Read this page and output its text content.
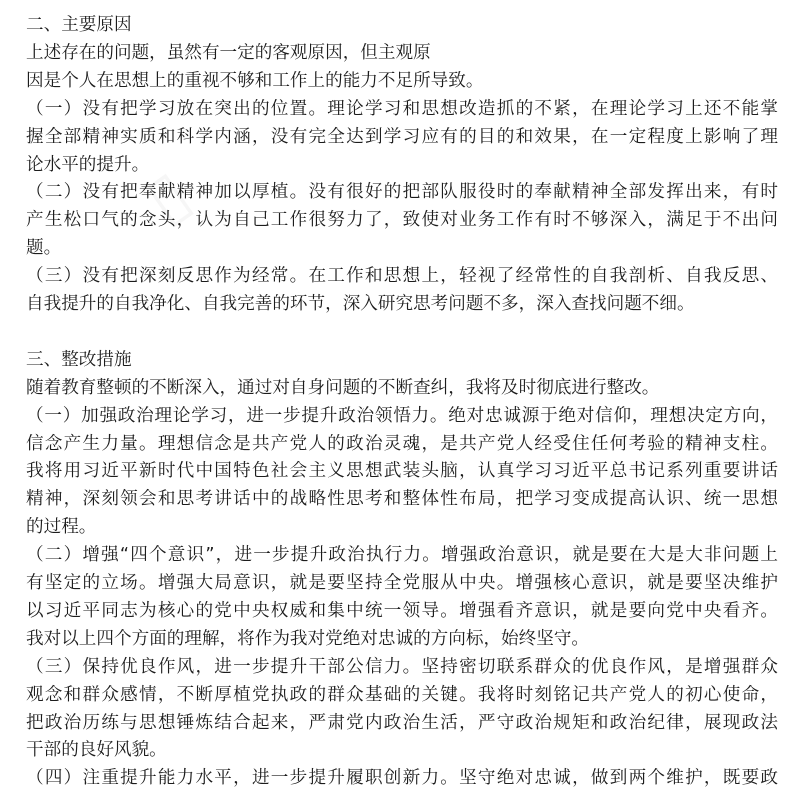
二、主要原因
上述存在的问题，虽然有一定的客观原因，但主观原
因是个人在思想上的重视不够和工作上的能力不足所导致。
（一）没有把学习放在突出的位置。理论学习和思想改造抓的不紧，在理论学习上还不能掌
握全部精神实质和科学内涵，没有完全达到学习应有的目的和效果，在一定程度上影响了理
论水平的提升。
（二）没有把奉献精神加以厚植。没有很好的把部队服役时的奉献精神全部发挥出来，有时
产生松口气的念头，认为自己工作很努力了，致使对业务工作有时不够深入，满足于不出问
题。
（三）没有把深刻反思作为经常。在工作和思想上，轻视了经常性的自我剖析、自我反思、
自我提升的自我净化、自我完善的环节，深入研究思考问题不多，深入查找问题不细。
三、整改措施
随着教育整顿的不断深入，通过对自身问题的不断查纠，我将及时彻底进行整改。
（一）加强政治理论学习，进一步提升政治领悟力。绝对忠诚源于绝对信仰，理想决定方向，
信念产生力量。理想信念是共产党人的政治灵魂，是共产党人经受住任何考验的精神支柱。
我将用习近平新时代中国特色社会主义思想武装头脑，认真学习习近平总书记系列重要讲话
精神，深刻领会和思考讲话中的战略性思考和整体性布局，把学习变成提高认识、统一思想
的过程。
（二）增强“四个意识”，进一步提升政治执行力。增强政治意识，就是要在大是大非问题上
有坚定的立场。增强大局意识，就是要坚持全党服从中央。增强核心意识，就是要坚决维护
以习近平同志为核心的党中央权威和集中统一领导。增强看齐意识，就是要向党中央看齐。
我对以上四个方面的理解，将作为我对党绝对忠诚的方向标，始终坚守。
（三）保持优良作风，进一步提升干部公信力。坚持密切联系群众的优良作风，是增强群众
观念和群众感情，不断厚植党执政的群众基础的关键。我将时刻铭记共产党人的初心使命，
把政治历练与思想锤炼结合起来，严肃党内政治生活，严守政治规矩和政治纪律，展现政法
干部的良好风貌。
（四）注重提升能力水平，进一步提升履职创新力。坚守绝对忠诚，做到两个维护，既要政
